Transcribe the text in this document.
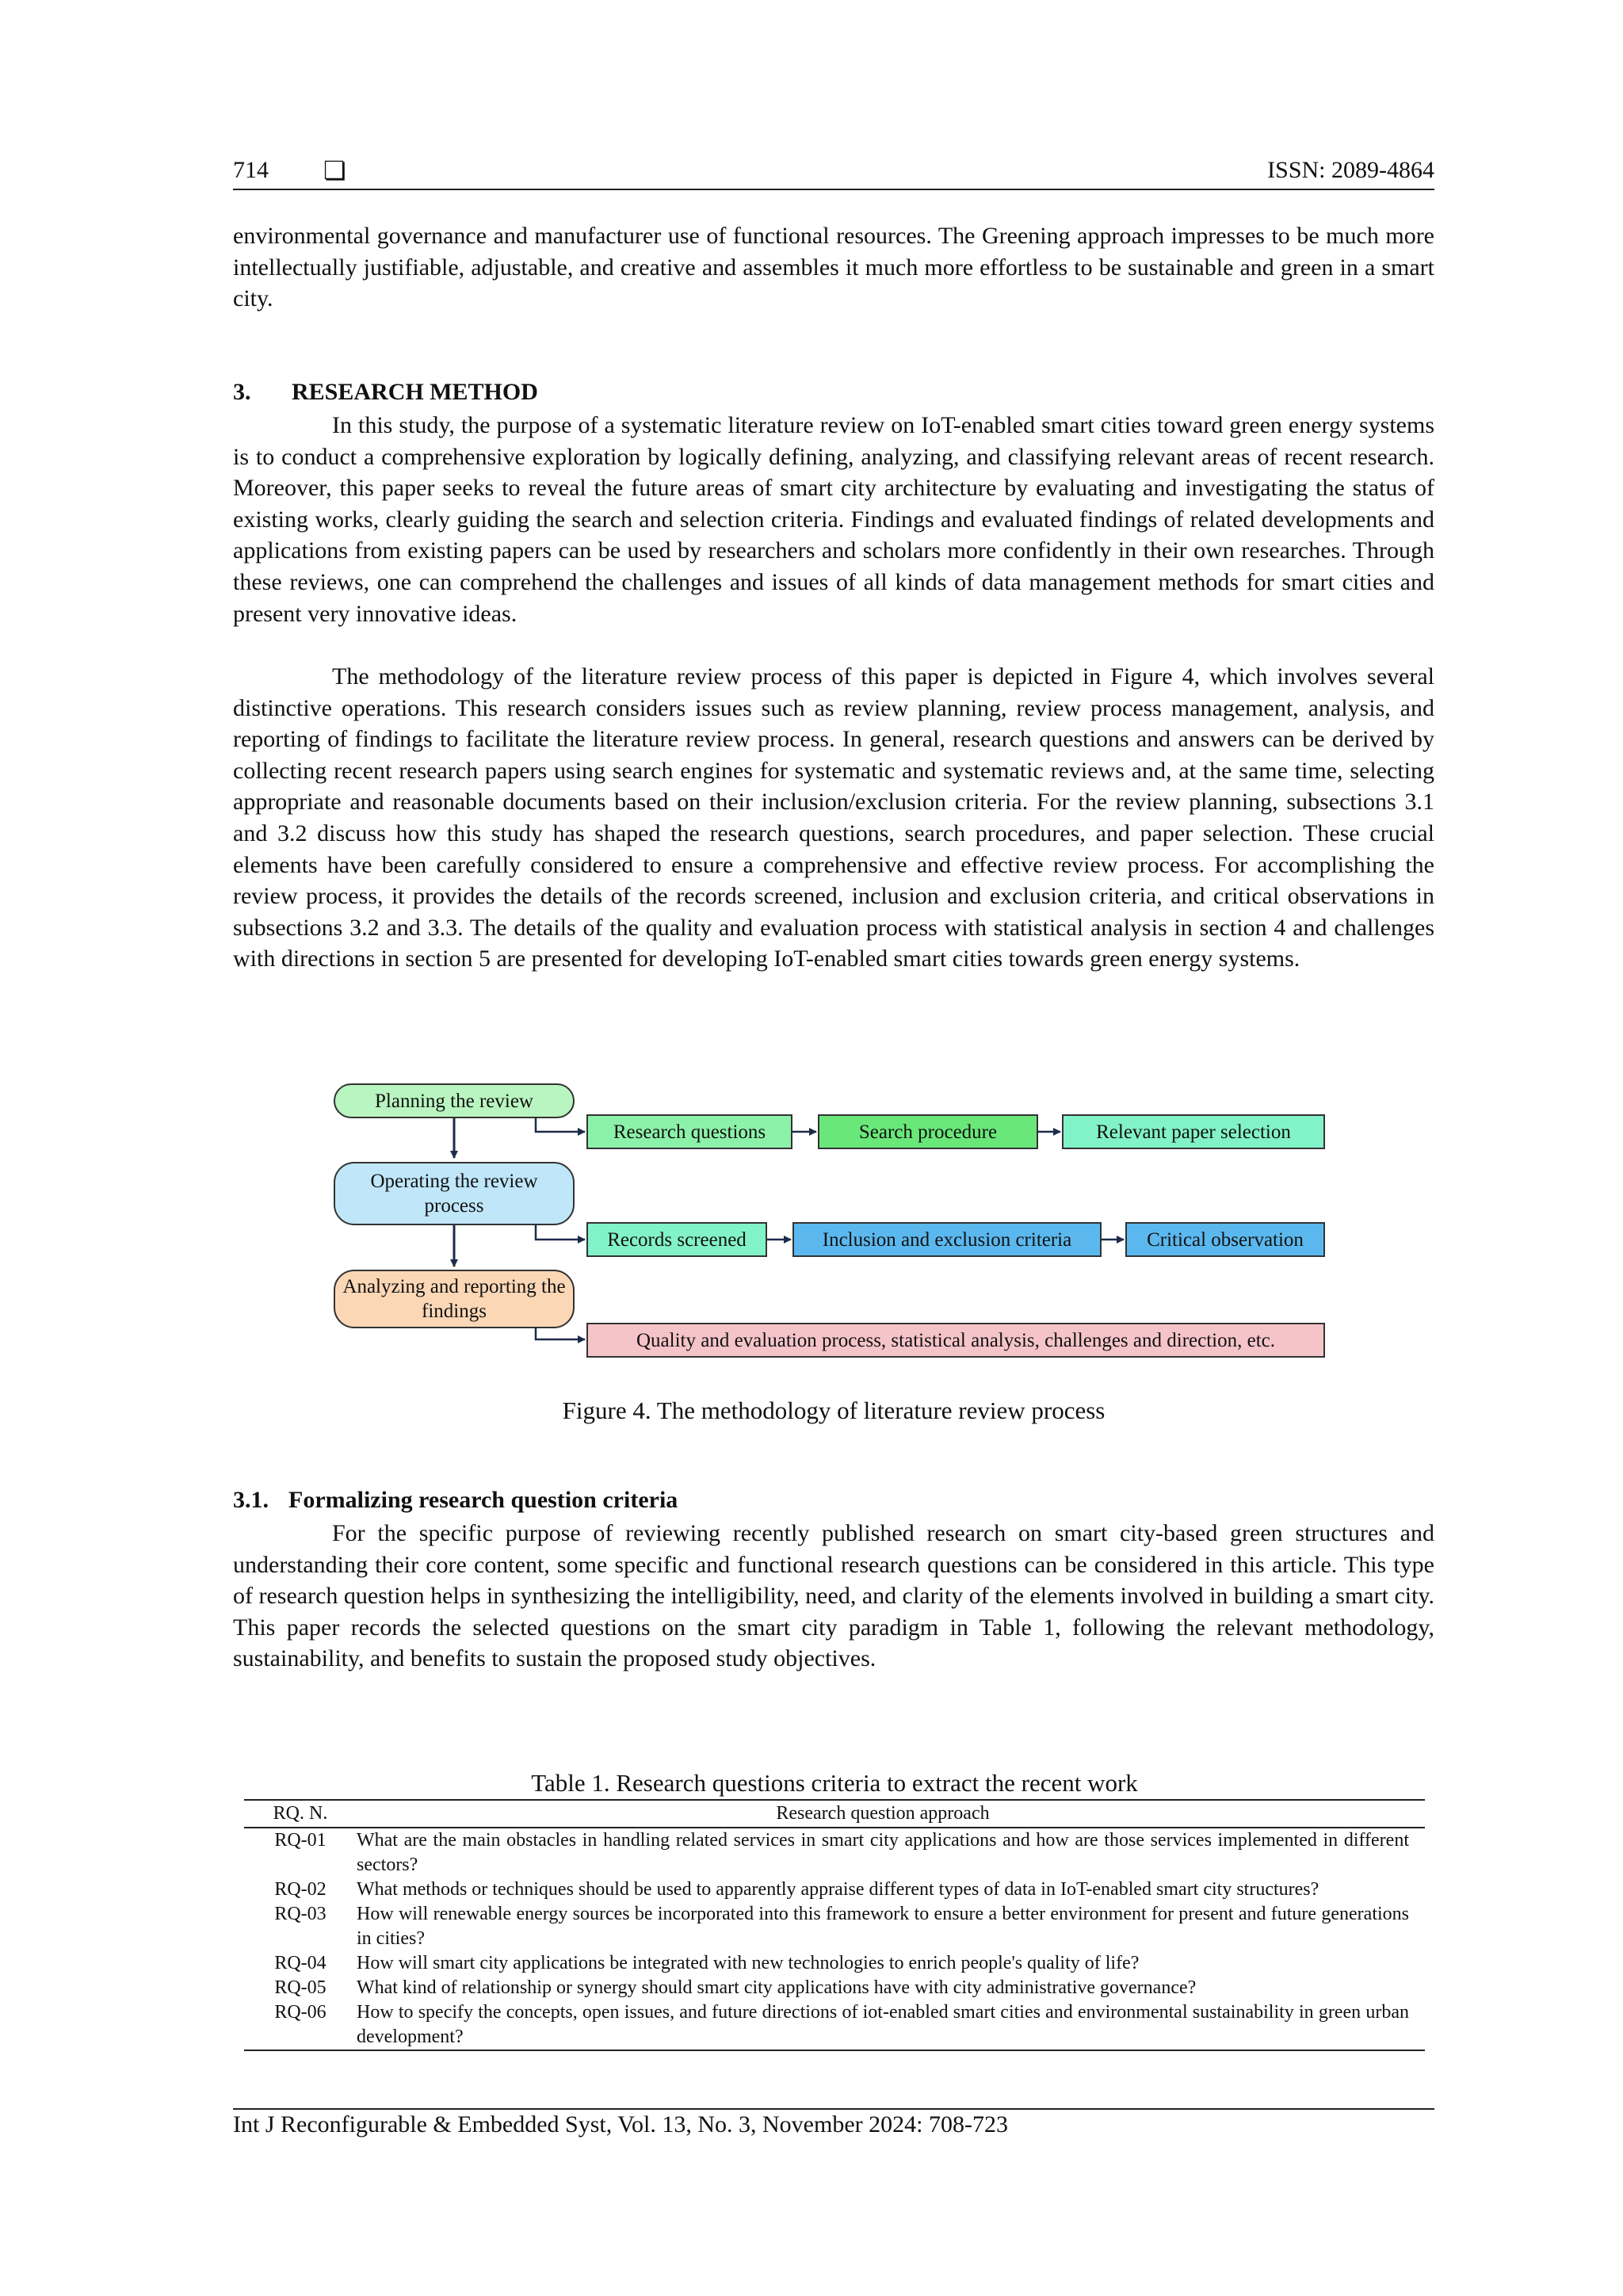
714 ❏	ISSN: 2089-4864

environmental governance and manufacturer use of functional resources. The Greening approach impresses to be much more intellectually justifiable, adjustable, and creative and assembles it much more effortless to be sustainable and green in a smart city.

3. RESEARCH METHOD

In this study, the purpose of a systematic literature review on IoT-enabled smart cities toward green energy systems is to conduct a comprehensive exploration by logically defining, analyzing, and classifying relevant areas of recent research. Moreover, this paper seeks to reveal the future areas of smart city architecture by evaluating and investigating the status of existing works, clearly guiding the search and selection criteria. Findings and evaluated findings of related developments and applications from existing papers can be used by researchers and scholars more confidently in their own researches. Through these reviews, one can comprehend the challenges and issues of all kinds of data management methods for smart cities and present very innovative ideas.

The methodology of the literature review process of this paper is depicted in Figure 4, which involves several distinctive operations. This research considers issues such as review planning, review process management, analysis, and reporting of findings to facilitate the literature review process. In general, research questions and answers can be derived by collecting recent research papers using search engines for systematic and systematic reviews and, at the same time, selecting appropriate and reasonable documents based on their inclusion/exclusion criteria. For the review planning, subsections 3.1 and 3.2 discuss how this study has shaped the research questions, search procedures, and paper selection. These crucial elements have been carefully considered to ensure a comprehensive and effective review process. For accomplishing the review process, it provides the details of the records screened, inclusion and exclusion criteria, and critical observations in subsections 3.2 and 3.3. The details of the quality and evaluation process with statistical analysis in section 4 and challenges with directions in section 5 are presented for developing IoT-enabled smart cities towards green energy systems.

Planning the review
Operating the review process
Analyzing and reporting the findings
Research questions	Search procedure	Relevant paper selection
Records screened	Inclusion and exclusion criteria	Critical observation
Quality and evaluation process, statistical analysis, challenges and direction, etc.

Figure 4. The methodology of literature review process

3.1. Formalizing research question criteria

For the specific purpose of reviewing recently published research on smart city-based green structures and understanding their core content, some specific and functional research questions can be considered in this article. This type of research question helps in synthesizing the intelligibility, need, and clarity of the elements involved in building a smart city. This paper records the selected questions on the smart city paradigm in Table 1, following the relevant methodology, sustainability, and benefits to sustain the proposed study objectives.

Table 1. Research questions criteria to extract the recent work

RQ. N.	Research question approach
RQ-01	What are the main obstacles in handling related services in smart city applications and how are those services implemented in different sectors?
RQ-02	What methods or techniques should be used to apparently appraise different types of data in IoT-enabled smart city structures?
RQ-03	How will renewable energy sources be incorporated into this framework to ensure a better environment for present and future generations in cities?
RQ-04	How will smart city applications be integrated with new technologies to enrich people's quality of life?
RQ-05	What kind of relationship or synergy should smart city applications have with city administrative governance?
RQ-06	How to specify the concepts, open issues, and future directions of iot-enabled smart cities and environmental sustainability in green urban development?

Int J Reconfigurable & Embedded Syst, Vol. 13, No. 3, November 2024: 708-723
